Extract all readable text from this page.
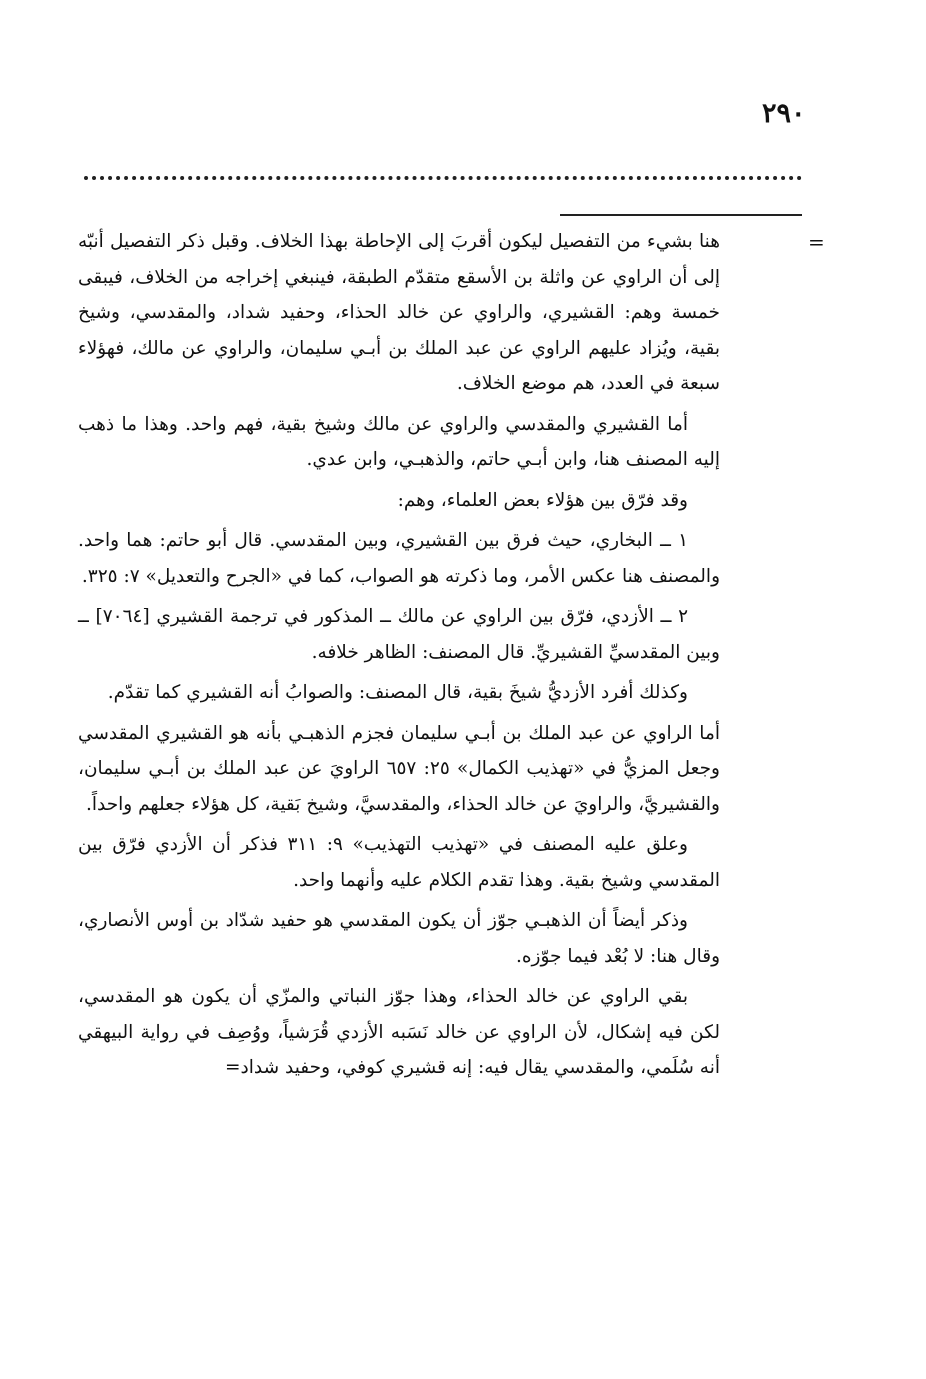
٢٩٠
=

هنا بشيء من التفصيل ليكون أقربَ إلى الإحاطة بهذا الخلاف. وقبل ذكر التفصيل أنبّه إلى أن الراوي عن واثلة بن الأسقع متقدّم الطبقة، فينبغي إخراجه من الخلاف، فيبقى خمسة وهم: القشيري، والراوي عن خالد الحذاء، وحفيد شداد، والمقدسي، وشيخ بقية، ويُزاد عليهم الراوي عن عبد الملك بن أبـي سليمان، والراوي عن مالك، فهؤلاء سبعة في العدد، هم موضع الخلاف.

أما القشيري والمقدسي والراوي عن مالك وشيخ بقية، فهم واحد. وهذا ما ذهب إليه المصنف هنا، وابن أبـي حاتم، والذهبـي، وابن عدي.

وقد فرّق بين هؤلاء بعض العلماء، وهم:

١ ــ البخاري، حيث فرق بين القشيري، وبين المقدسي. قال أبو حاتم: هما واحد. والمصنف هنا عكس الأمر، وما ذكرته هو الصواب، كما في «الجرح والتعديل» ٧: ٣٢٥.

٢ ــ الأزدي، فرّق بين الراوي عن مالك ــ المذكور في ترجمة القشيري [٧٠٦٤] ــ وبين المقدسيِّ القشيريِّ. قال المصنف: الظاهر خلافه.

وكذلك أفرد الأزديُّ شيخَ بقية، قال المصنف: والصوابُ أنه القشيري كما تقدّم.

أما الراوي عن عبد الملك بن أبـي سليمان فجزم الذهبـي بأنه هو القشيري المقدسي وجعل المزيُّ في «تهذيب الكمال» ٢٥: ٦٥٧ الراويَ عن عبد الملك بن أبـي سليمان، والقشيريَّ، والراويَ عن خالد الحذاء، والمقدسيَّ، وشيخ بَقية، كل هؤلاء جعلهم واحداً.

وعلق عليه المصنف في «تهذيب التهذيب» ٩: ٣١١ فذكر أن الأزدي فرّق بين المقدسي وشيخ بقية. وهذا تقدم الكلام عليه وأنهما واحد.

وذكر أيضاً أن الذهبـي جوّز أن يكون المقدسي هو حفيد شدّاد بن أوس الأنصاري، وقال هنا: لا بُعْد فيما جوّزه.

بقي الراوي عن خالد الحذاء، وهذا جوّز النباتي والمزّي أن يكون هو المقدسي، لكن فيه إشكال، لأن الراوي عن خالد نَسَبه الأزدي قُرَشياً، ووُصِف في رواية البيهقي أنه سُلَمي، والمقدسي يقال فيه: إنه قشيري كوفي، وحفيد شداد=
